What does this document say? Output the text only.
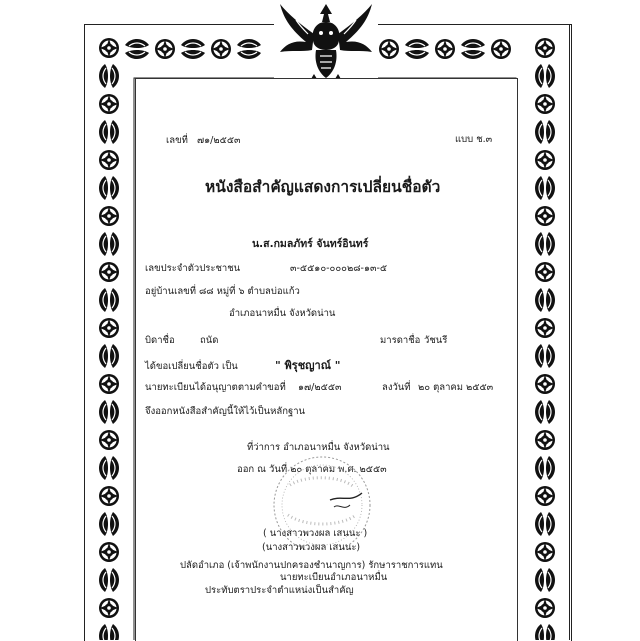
เลขที่ ๗๑/๒๕๕๓	แบบ ช.๓
หนังสือสำคัญแสดงการเปลี่ยนชื่อตัว
น.ส.กมลภัทร์ จันทร์อินทร์
เลขประจำตัวประชาชน	๓-๕๕๑๐-๐๐๐๒๘-๑๓-๕
อยู่บ้านเลขที่ ๘๘ หมู่ที่ ๖ ตำบลบ่อแก้ว
อำเภอนาหมื่น จังหวัดน่าน
บิดาชื่อ	ถนัด	มารดาชื่อ วัชนรี
ได้ขอเปลี่ยนชื่อตัว เป็น	" พิรุชญาณ์ "
นายทะเบียนได้อนุญาตตามคำขอที่ ๑๗/๒๕๕๓	ลงวันที่ ๒๐ ตุลาคม ๒๕๕๓
จึงออกหนังสือสำคัญนี้ให้ไว้เป็นหลักฐาน
ที่ว่าการ อำเภอนาหมื่น จังหวัดน่าน
ออก ณ วันที่ ๒๐ ตุลาคม พ.ศ. ๒๕๕๓
( นางสาวพวงผล เสนนะ )
(นางสาวพวงผล เสนนะ)
ปลัดอำเภอ (เจ้าพนักงานปกครองชำนาญการ) รักษาราชการแทน
นายทะเบียนอำเภอนาหมื่น
ประทับตราประจำตำแหน่งเป็นสำคัญ
